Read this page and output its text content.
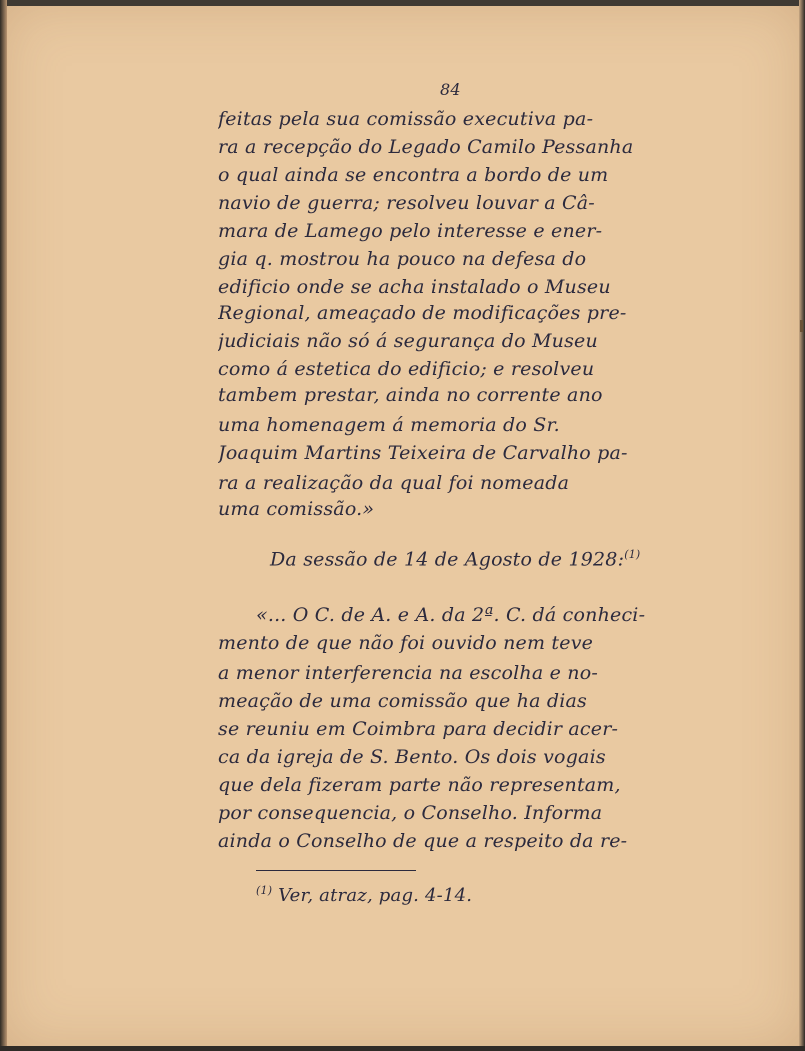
84
feitas pela sua comissão executiva pa-
ra a recepção do Legado Camilo Pessanha
o qual ainda se encontra a bordo de um
navio de guerra; resolveu louvar a Câ-
mara de Lamego pelo interesse e ener-
gia q. mostrou ha pouco na defesa do
edificio onde se acha instalado o Museu
Regional, ameaçado de modificações pre-
judiciais não só á segurança do Museu
como á estetica do edificio; e resolveu
tambem prestar, ainda no corrente ano
uma homenagem á memoria do Sr.
Joaquim Martins Teixeira de Carvalho pa-
ra a realização da qual foi nomeada
uma comissão.»
Da sessão de 14 de Agosto de 1928:$^{(1)}$
«... O C. de A. e A. da 2ª. C. dá conheci-
mento de que não foi ouvido nem teve
a menor interferencia na escolha e no-
meação de uma comissão que ha dias
se reuniu em Coimbra para decidir acer-
ca da igreja de S. Bento. Os dois vogais
que dela fizeram parte não representam,
por consequencia, o Conselho. Informa
ainda o Conselho de que a respeito da re-
$^{(1)}$ Ver, atraz, pag. 4-14.
